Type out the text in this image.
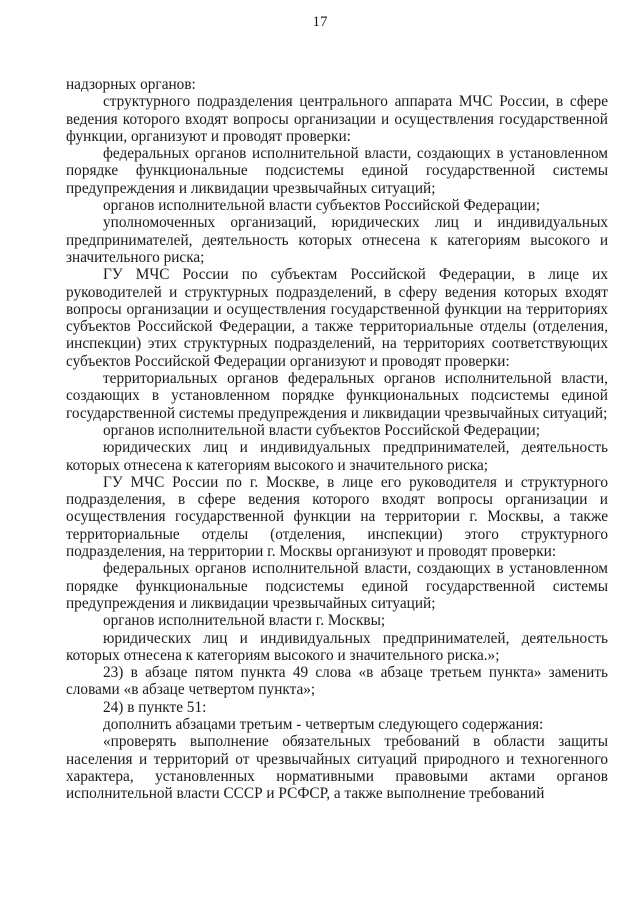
17

надзорных органов:

структурного подразделения центрального аппарата МЧС России, в сфере ведения которого входят вопросы организации и осуществления государственной функции, организуют и проводят проверки:

федеральных органов исполнительной власти, создающих в установленном порядке функциональные подсистемы единой государственной системы предупреждения и ликвидации чрезвычайных ситуаций;

органов исполнительной власти субъектов Российской Федерации;

уполномоченных организаций, юридических лиц и индивидуальных предпринимателей, деятельность которых отнесена к категориям высокого и значительного риска;

ГУ МЧС России по субъектам Российской Федерации, в лице их руководителей и структурных подразделений, в сферу ведения которых входят вопросы организации и осуществления государственной функции на территориях субъектов Российской Федерации, а также территориальные отделы (отделения, инспекции) этих структурных подразделений, на территориях соответствующих субъектов Российской Федерации организуют и проводят проверки:

территориальных органов федеральных органов исполнительной власти, создающих в установленном порядке функциональных подсистемы единой государственной системы предупреждения и ликвидации чрезвычайных ситуаций;

органов исполнительной власти субъектов Российской Федерации;

юридических лиц и индивидуальных предпринимателей, деятельность которых отнесена к категориям высокого и значительного риска;

ГУ МЧС России по г. Москве, в лице его руководителя и структурного подразделения, в сфере ведения которого входят вопросы организации и осуществления государственной функции на территории г. Москвы, а также территориальные отделы (отделения, инспекции) этого структурного подразделения, на территории г. Москвы организуют и проводят проверки:

федеральных органов исполнительной власти, создающих в установленном порядке функциональные подсистемы единой государственной системы предупреждения и ликвидации чрезвычайных ситуаций;

органов исполнительной власти г. Москвы;

юридических лиц и индивидуальных предпринимателей, деятельность которых отнесена к категориям высокого и значительного риска.»;

23) в абзаце пятом пункта 49 слова «в абзаце третьем пункта» заменить словами «в абзаце четвертом пункта»;

24) в пункте 51:

дополнить абзацами третьим - четвертым следующего содержания:

«проверять выполнение обязательных требований в области защиты населения и территорий от чрезвычайных ситуаций природного и техногенного характера, установленных нормативными правовыми актами органов исполнительной власти СССР и РСФСР, а также выполнение требований
